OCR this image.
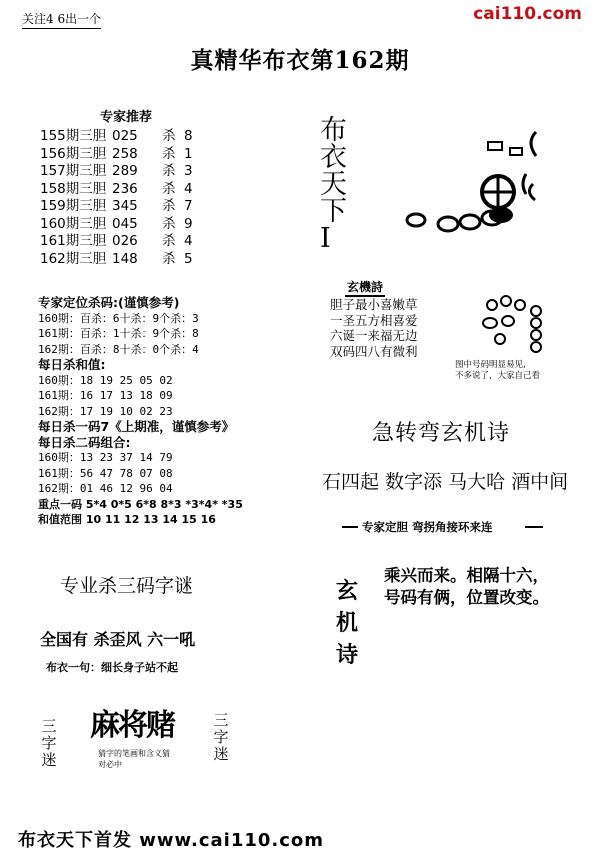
关注4 6出一个	cai110.com
真精华布衣第162期
专家推荐
155期三胆 025 杀 8
156期三胆 258 杀 1
157期三胆 289 杀 3
158期三胆 236 杀 4
159期三胆 345 杀 7
160期三胆 045 杀 9
161期三胆 026 杀 4
162期三胆 148 杀 5
布
衣
天
下
I
专家定位杀码:(谨慎参考)
160期：百杀：6十杀：9个杀：3
161期：百杀：1十杀：9个杀：8
162期：百杀：8十杀：0个杀：4
每日杀和值:
160期：18 19 25 05 02
161期：16 17 13 18 09
162期：17 19 10 02 23
每日杀一码7《上期准，谨慎参考》
每日杀二码组合:
160期：13 23 37 14 79
161期：56 47 78 07 08
162期：01 46 12 96 04
重点一码 5*4 0*5 6*8 8*3 *3*4* *35
和值范围 10 11 12 13 14 15 16
玄機詩
胆子最小喜嫩草
一圣五方相喜爱
六诞一来福无边
双码四八有微利
图中号码明显易见,
不多说了，大家自己看
急转弯玄机诗
石四起 数字添 马大哈 酒中间
专家定胆 弯拐角接环来连
玄
机
诗
乘兴而来。相隔十六，
号码有俩，位置改变。
专业杀三码字谜
全国有 杀歪风 六一吼
布衣一句：细长身子站不起
三
字
迷
麻将赌	三
字
迷
猜字的笔画和含义猜
对必中
布衣天下首发 www.cai110.com
